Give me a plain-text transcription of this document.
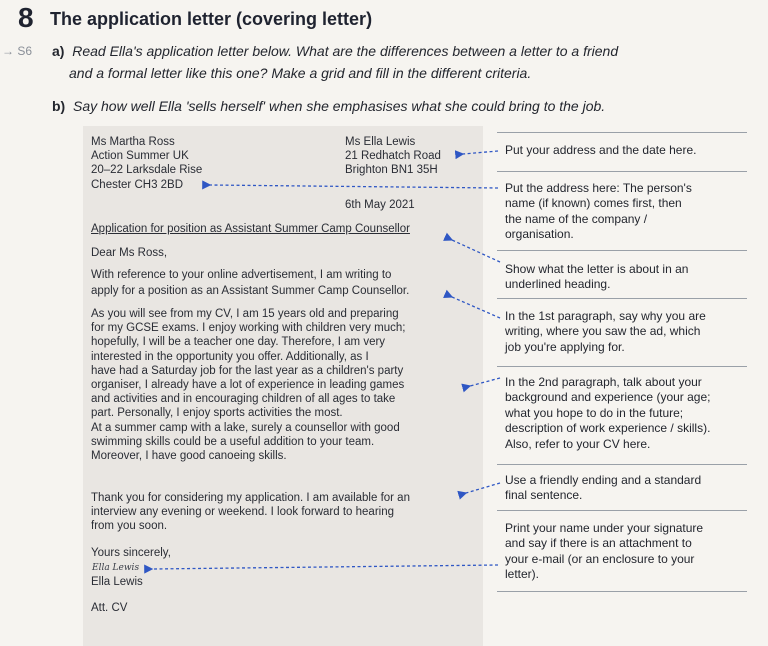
8 The application letter (covering letter)
→ S6 a) Read Ella's application letter below. What are the differences between a letter to a friend
and a formal letter like this one? Make a grid and fill in the different criteria.
b) Say how well Ella 'sells herself' when she emphasises what she could bring to the job.
Ms Martha Ross
Action Summer UK
20–22 Larksdale Rise
Chester CH3 2BD
Ms Ella Lewis
21 Redhatch Road
Brighton BN1 35H
6th May 2021
Application for position as Assistant Summer Camp Counsellor
Dear Ms Ross,
With reference to your online advertisement, I am writing to
apply for a position as an Assistant Summer Camp Counsellor.
As you will see from my CV, I am 15 years old and preparing
for my GCSE exams. I enjoy working with children very much;
hopefully, I will be a teacher one day. Therefore, I am very
interested in the opportunity you offer. Additionally, as I
have had a Saturday job for the last year as a children's party
organiser, I already have a lot of experience in leading games
and activities and in encouraging children of all ages to take
part. Personally, I enjoy sports activities the most.
At a summer camp with a lake, surely a counsellor with good
swimming skills could be a useful addition to your team.
Moreover, I have good canoeing skills.
Thank you for considering my application. I am available for an
interview any evening or weekend. I look forward to hearing
from you soon.
Yours sincerely,
Ella Lewis
Ella Lewis
Att. CV
Put your address and the date here.
Put the address here: The person's
name (if known) comes first, then
the name of the company /
organisation.
Show what the letter is about in an
underlined heading.
In the 1st paragraph, say why you are
writing, where you saw the ad, which
job you're applying for.
In the 2nd paragraph, talk about your
background and experience (your age;
what you hope to do in the future;
description of work experience / skills).
Also, refer to your CV here.
Use a friendly ending and a standard
final sentence.
Print your name under your signature
and say if there is an attachment to
your e-mail (or an enclosure to your
letter).
